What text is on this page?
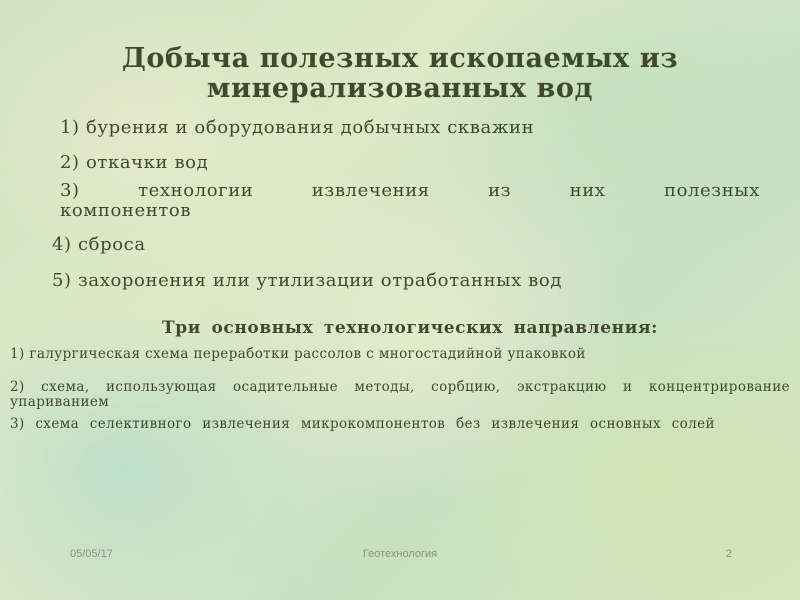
Добыча полезных ископаемых из минерализованных вод

1) бурения и оборудования добычных скважин

2) откачки вод

3) технологии извлечения из них полезных компонентов

4) сброса

5) захоронения или утилизации отработанных вод

Три основных технологических направления:

1) галургическая схема переработки рассолов с многостадийной упаковкой

2) схема, использующая осадительные методы, сорбцию, экстракцию и концентрирование упариванием

3) схема селективного извлечения микрокомпонентов без извлечения основных солей

05/05/17	Геотехнология	2
